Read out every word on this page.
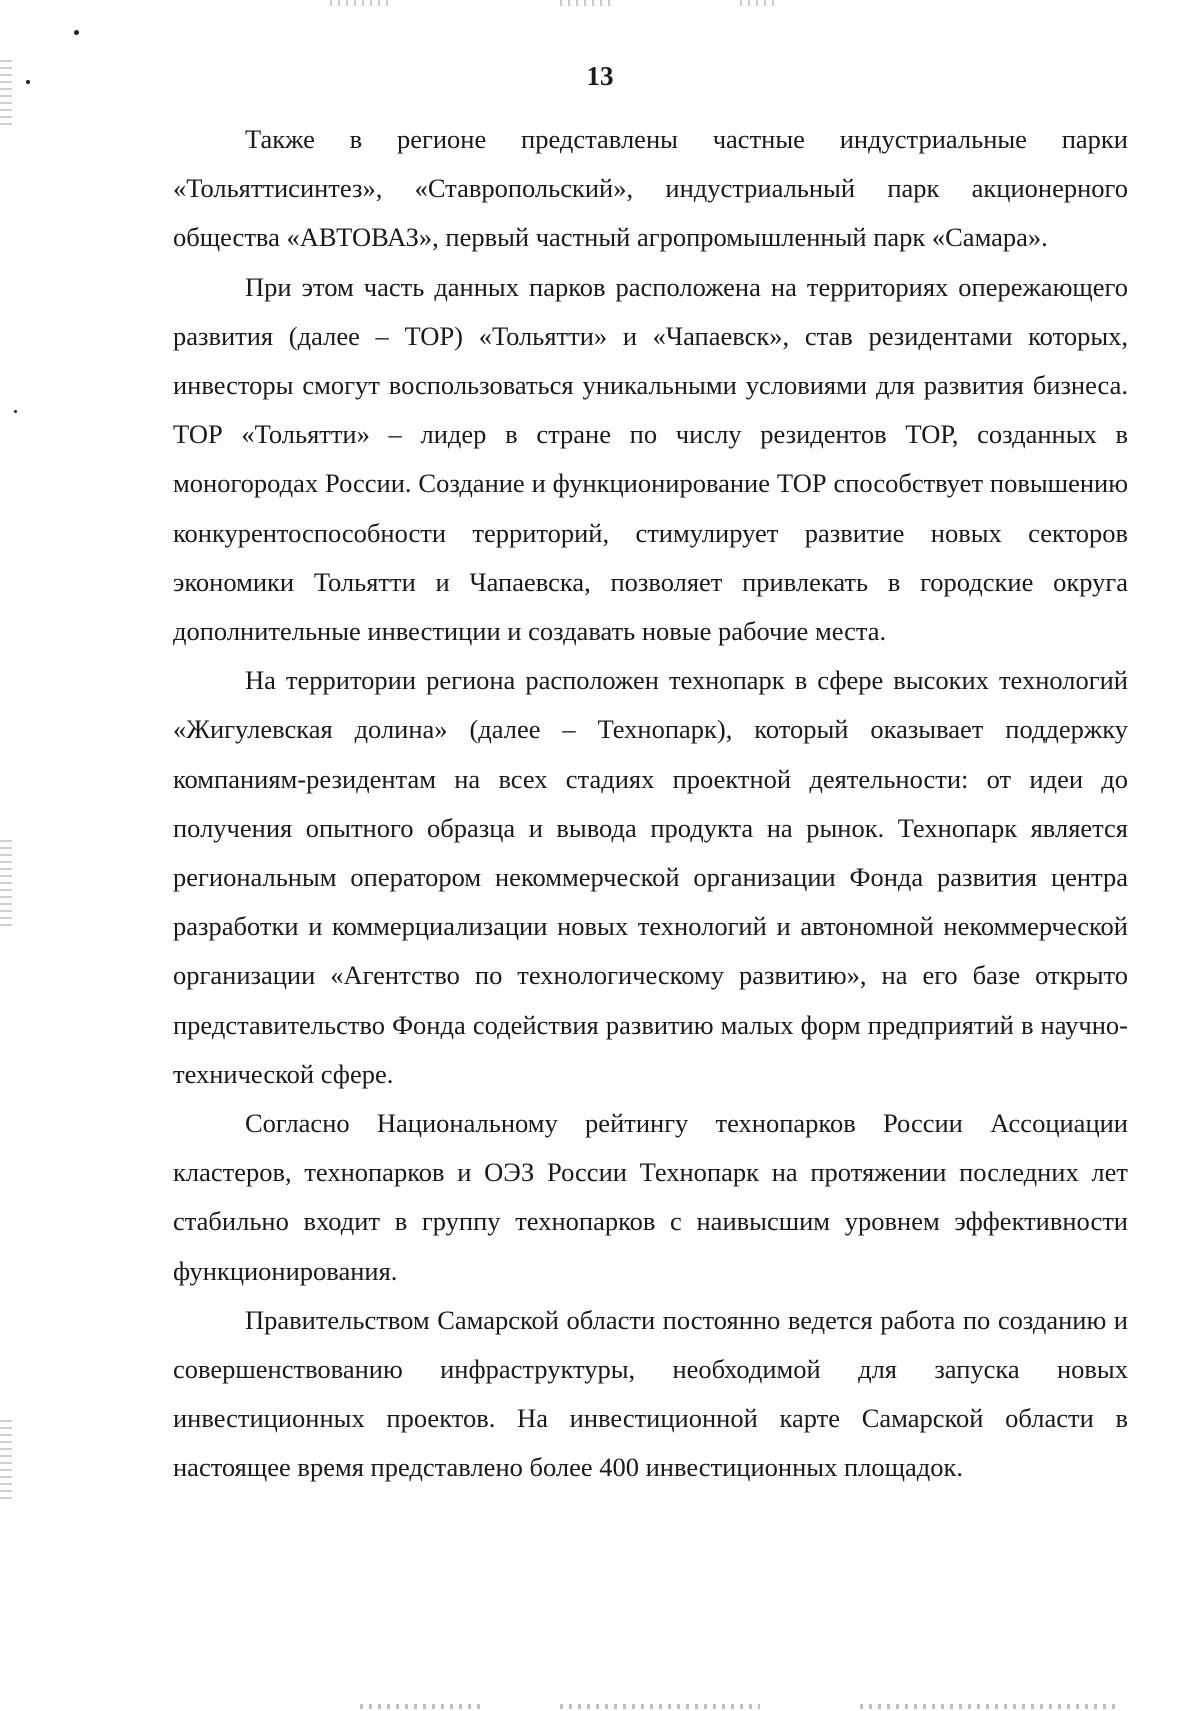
13

Также в регионе представлены частные индустриальные парки «Тольяттисинтез», «Ставропольский», индустриальный парк акционерного общества «АВТОВАЗ», первый частный агропромышленный парк «Самара».

При этом часть данных парков расположена на территориях опережающего развития (далее – ТОР) «Тольятти» и «Чапаевск», став резидентами которых, инвесторы смогут воспользоваться уникальными условиями для развития бизнеса. ТОР «Тольятти» – лидер в стране по числу резидентов ТОР, созданных в моногородах России. Создание и функционирование ТОР способствует повышению конкурентоспособности территорий, стимулирует развитие новых секторов экономики Тольятти и Чапаевска, позволяет привлекать в городские округа дополнительные инвестиции и создавать новые рабочие места.

На территории региона расположен технопарк в сфере высоких технологий «Жигулевская долина» (далее – Технопарк), который оказывает поддержку компаниям-резидентам на всех стадиях проектной деятельности: от идеи до получения опытного образца и вывода продукта на рынок. Технопарк является региональным оператором некоммерческой организации Фонда развития центра разработки и коммерциализации новых технологий и автономной некоммерческой организации «Агентство по технологическому развитию», на его базе открыто представительство Фонда содействия развитию малых форм предприятий в научно-технической сфере.

Согласно Национальному рейтингу технопарков России Ассоциации кластеров, технопарков и ОЭЗ России Технопарк на протяжении последних лет стабильно входит в группу технопарков с наивысшим уровнем эффективности функционирования.

Правительством Самарской области постоянно ведется работа по созданию и совершенствованию инфраструктуры, необходимой для запуска новых инвестиционных проектов. На инвестиционной карте Самарской области в настоящее время представлено более 400 инвестиционных площадок.
